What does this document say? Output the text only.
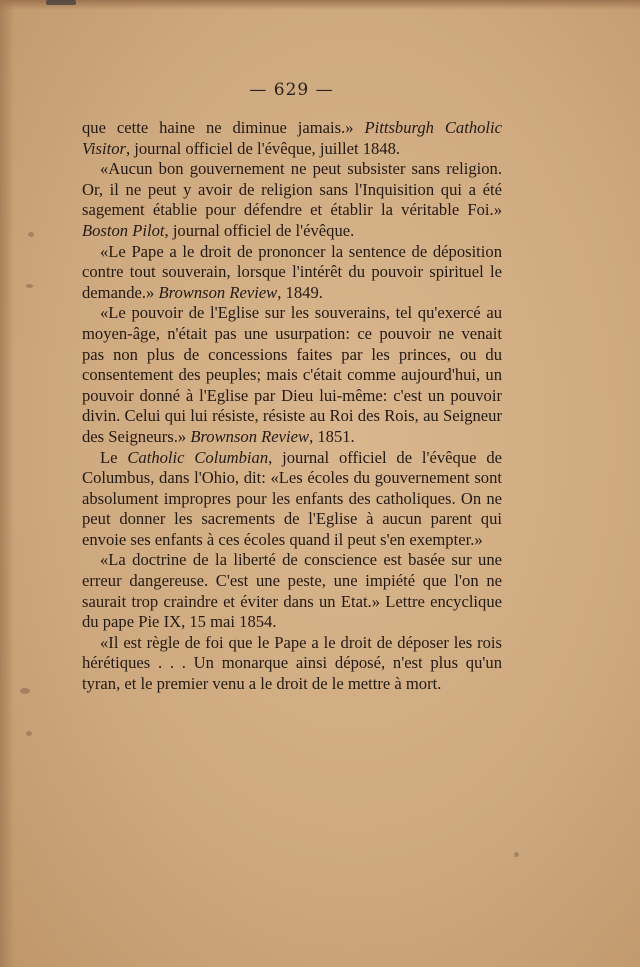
— 629 —

que cette haine ne diminue jamais.» Pittsburgh Catholic Visitor, journal officiel de l'évêque, juillet 1848.

«Aucun bon gouvernement ne peut subsister sans religion. Or, il ne peut y avoir de religion sans l'Inquisition qui a été sagement établie pour défendre et établir la véritable Foi.» Boston Pilot, journal officiel de l'évêque.

«Le Pape a le droit de prononcer la sentence de déposition contre tout souverain, lorsque l'intérêt du pouvoir spirituel le demande.» Brownson Review, 1849.

«Le pouvoir de l'Eglise sur les souverains, tel qu'exercé au moyen-âge, n'était pas une usurpation: ce pouvoir ne venait pas non plus de concessions faites par les princes, ou du consentement des peuples; mais c'était comme aujourd'hui, un pouvoir donné à l'Eglise par Dieu lui-même: c'est un pouvoir divin. Celui qui lui résiste, résiste au Roi des Rois, au Seigneur des Seigneurs.» Brownson Review, 1851.

Le Catholic Columbian, journal officiel de l'évêque de Columbus, dans l'Ohio, dit: «Les écoles du gouvernement sont absolument impropres pour les enfants des catholiques. On ne peut donner les sacrements de l'Eglise à aucun parent qui envoie ses enfants à ces écoles quand il peut s'en exempter.»

«La doctrine de la liberté de conscience est basée sur une erreur dangereuse. C'est une peste, une impiété que l'on ne saurait trop craindre et éviter dans un Etat.» Lettre encyclique du pape Pie IX, 15 mai 1854.

«Il est règle de foi que le Pape a le droit de déposer les rois hérétiques . . . Un monarque ainsi déposé, n'est plus qu'un tyran, et le premier venu a le droit de le mettre à mort.
